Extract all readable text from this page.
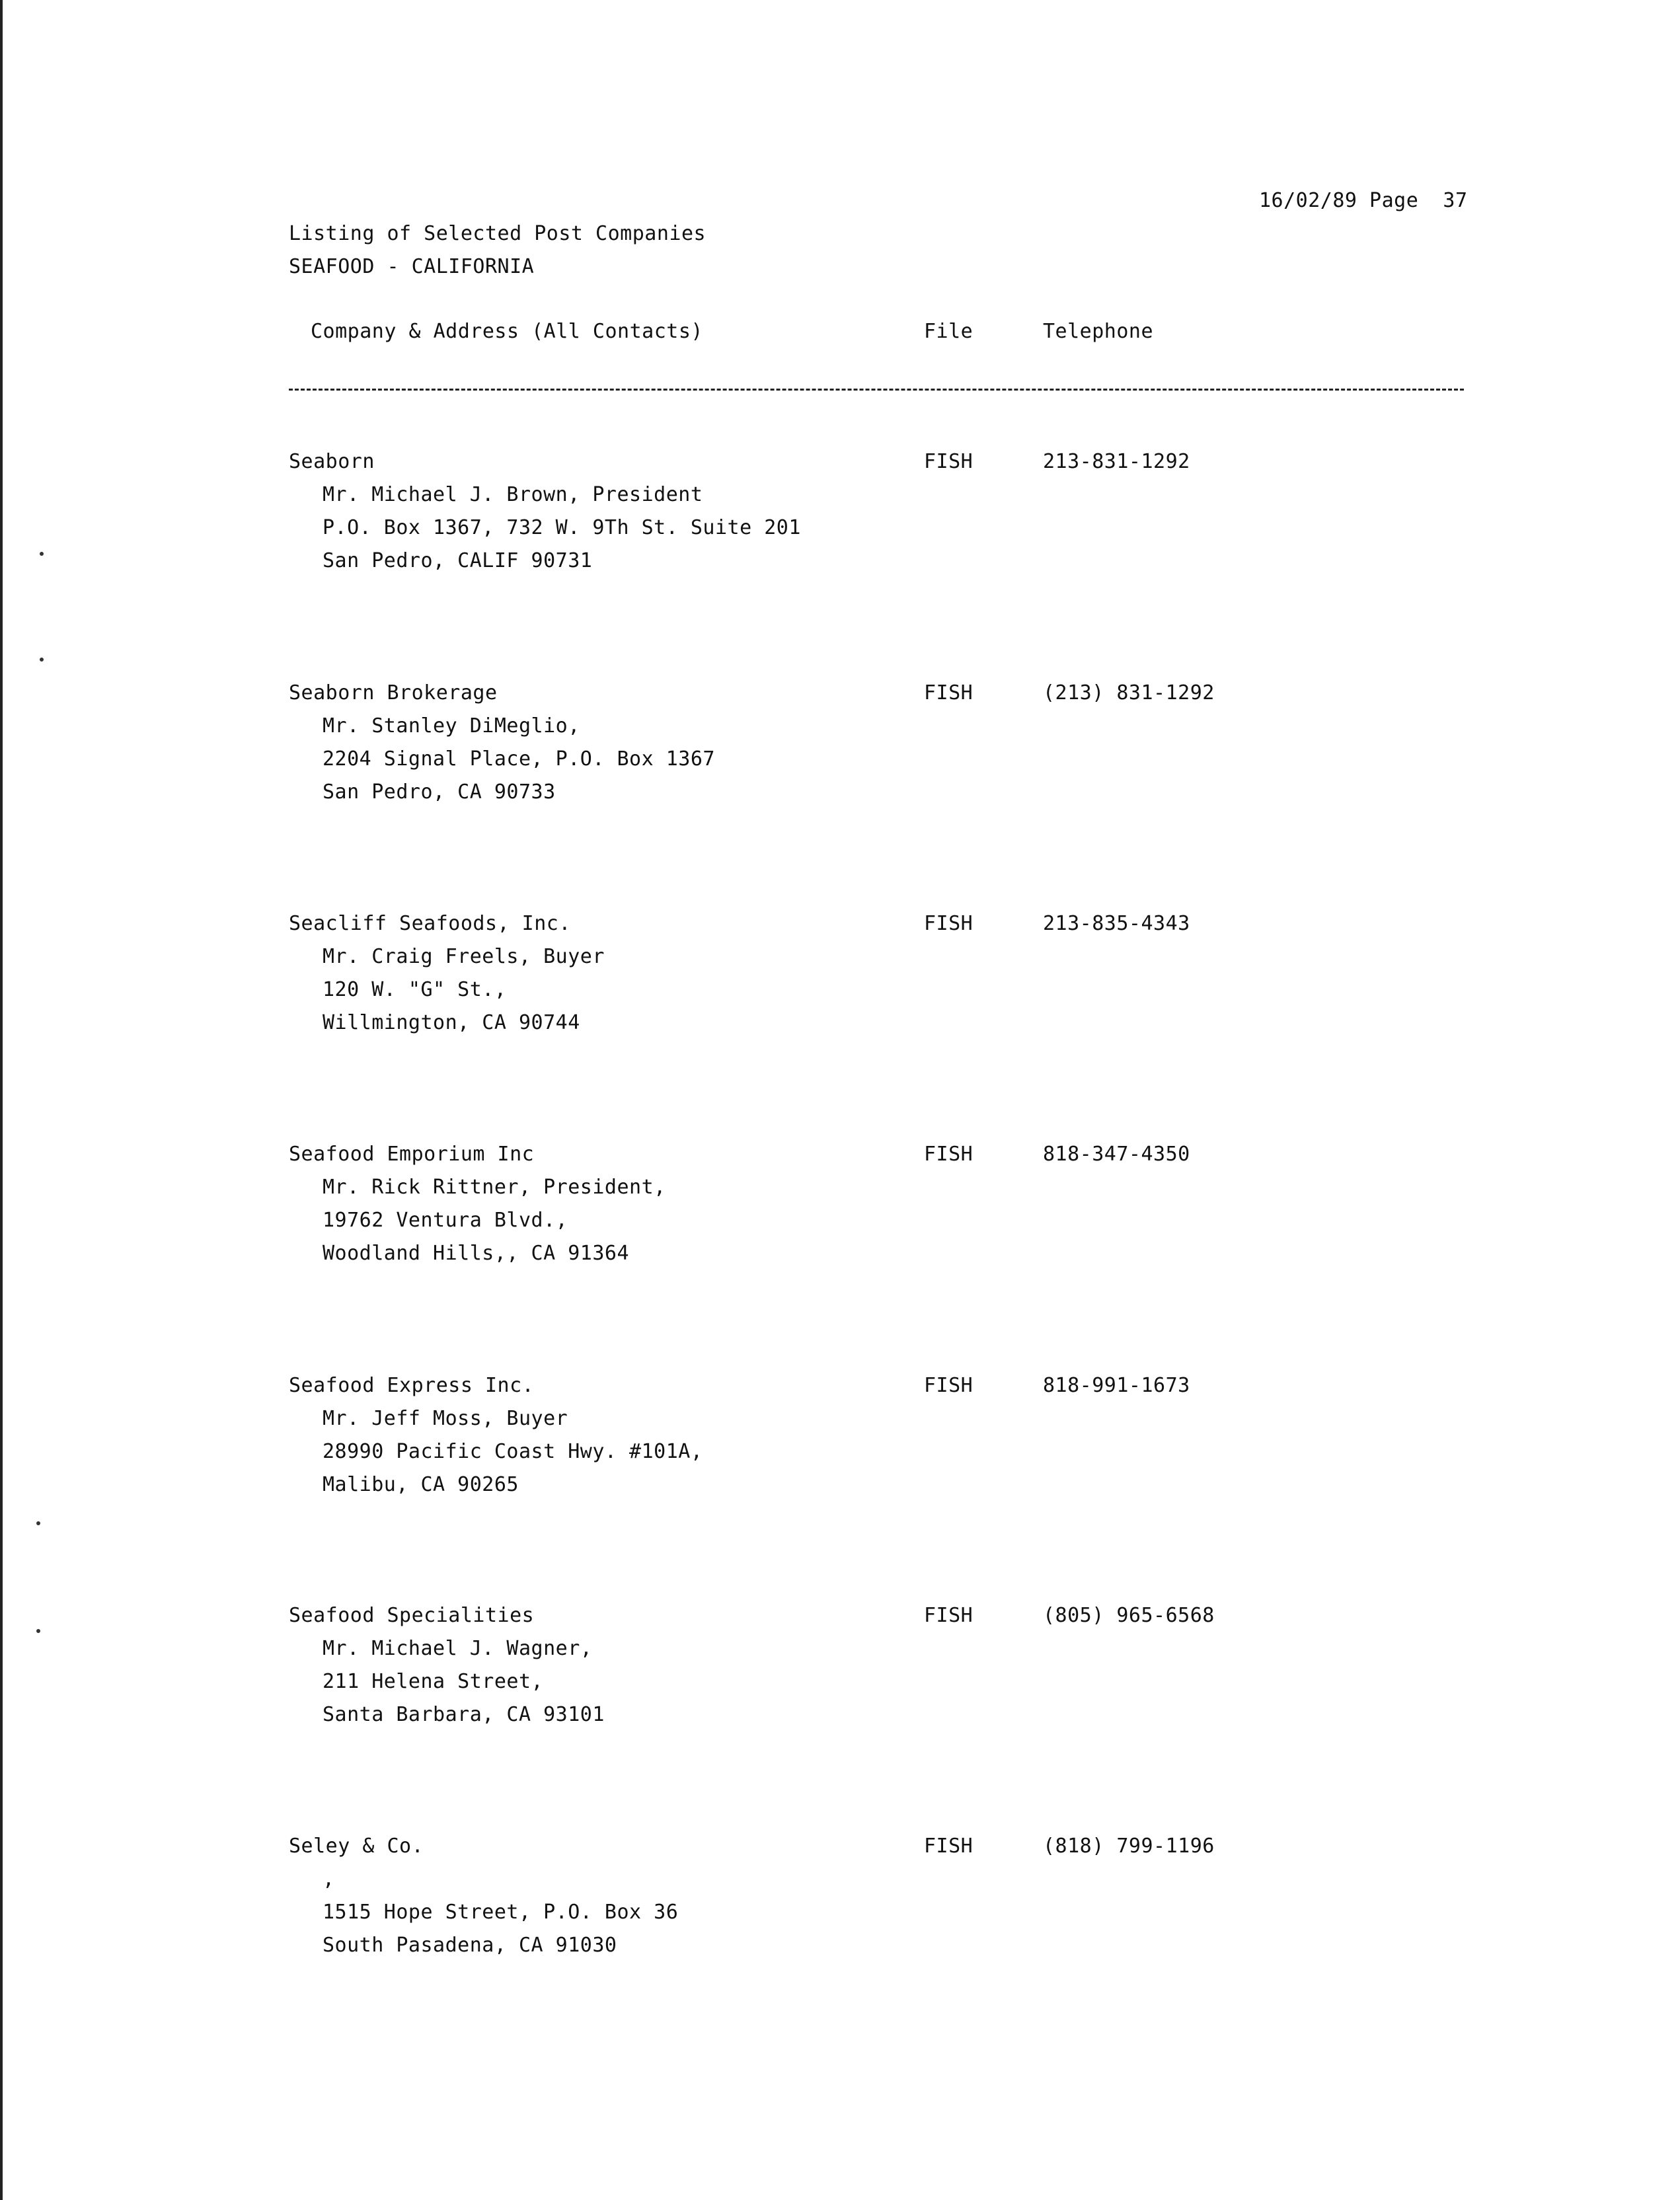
16/02/89 Page  37
Listing of Selected Post Companies
SEAFOOD - CALIFORNIA
Company & Address (All Contacts)	File	Telephone
Seaborn	FISH	213-831-1292
Mr. Michael J. Brown, President
P.O. Box 1367, 732 W. 9Th St. Suite 201
San Pedro, CALIF 90731
Seaborn Brokerage	FISH	(213) 831-1292
Mr. Stanley DiMeglio,
2204 Signal Place, P.O. Box 1367
San Pedro, CA 90733
Seacliff Seafoods, Inc.	FISH	213-835-4343
Mr. Craig Freels, Buyer
120 W. "G" St.,
Willmington, CA 90744
Seafood Emporium Inc	FISH	818-347-4350
Mr. Rick Rittner, President,
19762 Ventura Blvd.,
Woodland Hills,, CA 91364
Seafood Express Inc.	FISH	818-991-1673
Mr. Jeff Moss, Buyer
28990 Pacific Coast Hwy. #101A,
Malibu, CA 90265
Seafood Specialities	FISH	(805) 965-6568
Mr. Michael J. Wagner,
211 Helena Street,
Santa Barbara, CA 93101
Seley & Co.	FISH	(818) 799-1196
,
1515 Hope Street, P.O. Box 36
South Pasadena, CA 91030
